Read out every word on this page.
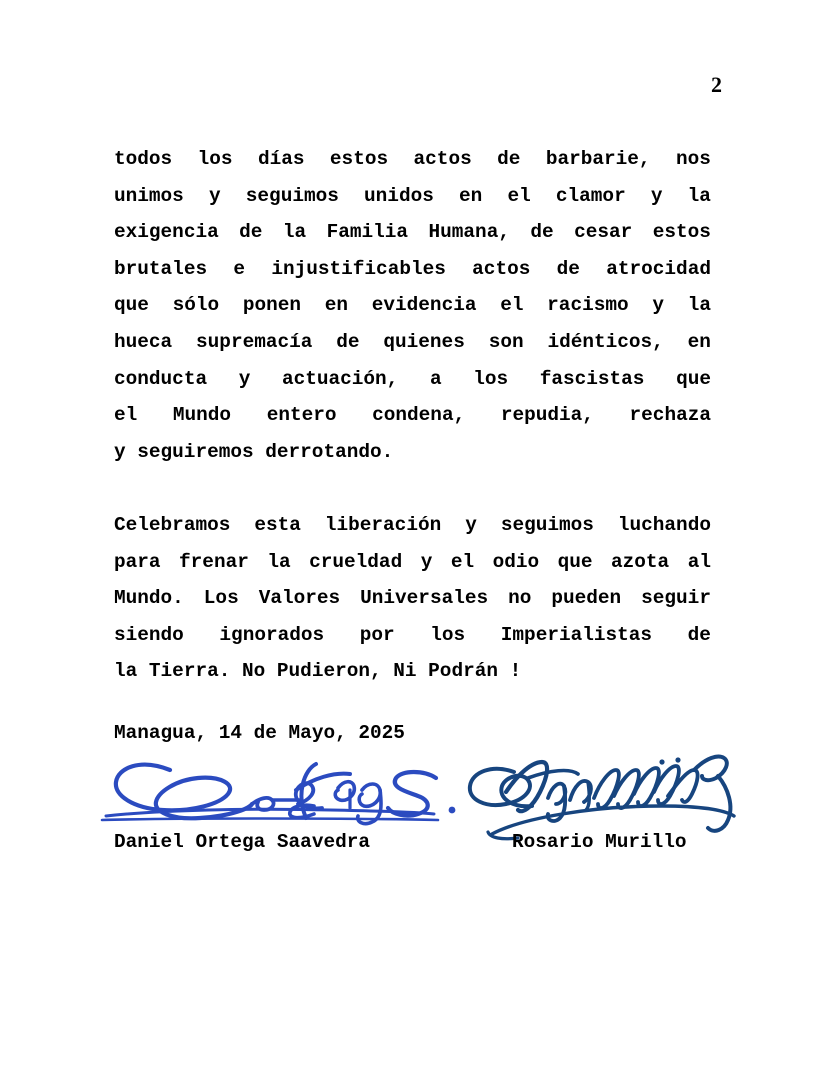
2
todos los días estos actos de barbarie, nos
unimos y seguimos unidos en el clamor y la
exigencia de la Familia Humana, de cesar estos
brutales e injustificables actos de atrocidad
que sólo ponen en evidencia el racismo y la
hueca supremacía de quienes son idénticos, en
conducta y actuación, a los fascistas que
el Mundo entero condena, repudia, rechaza
y seguiremos derrotando.
Celebramos esta liberación y seguimos luchando
para frenar la crueldad y el odio que azota al
Mundo. Los Valores Universales no pueden seguir
siendo ignorados por los Imperialistas de
la Tierra. No Pudieron, Ni Podrán !
Managua, 14 de Mayo, 2025
Daniel Ortega Saavedra	Rosario Murillo
